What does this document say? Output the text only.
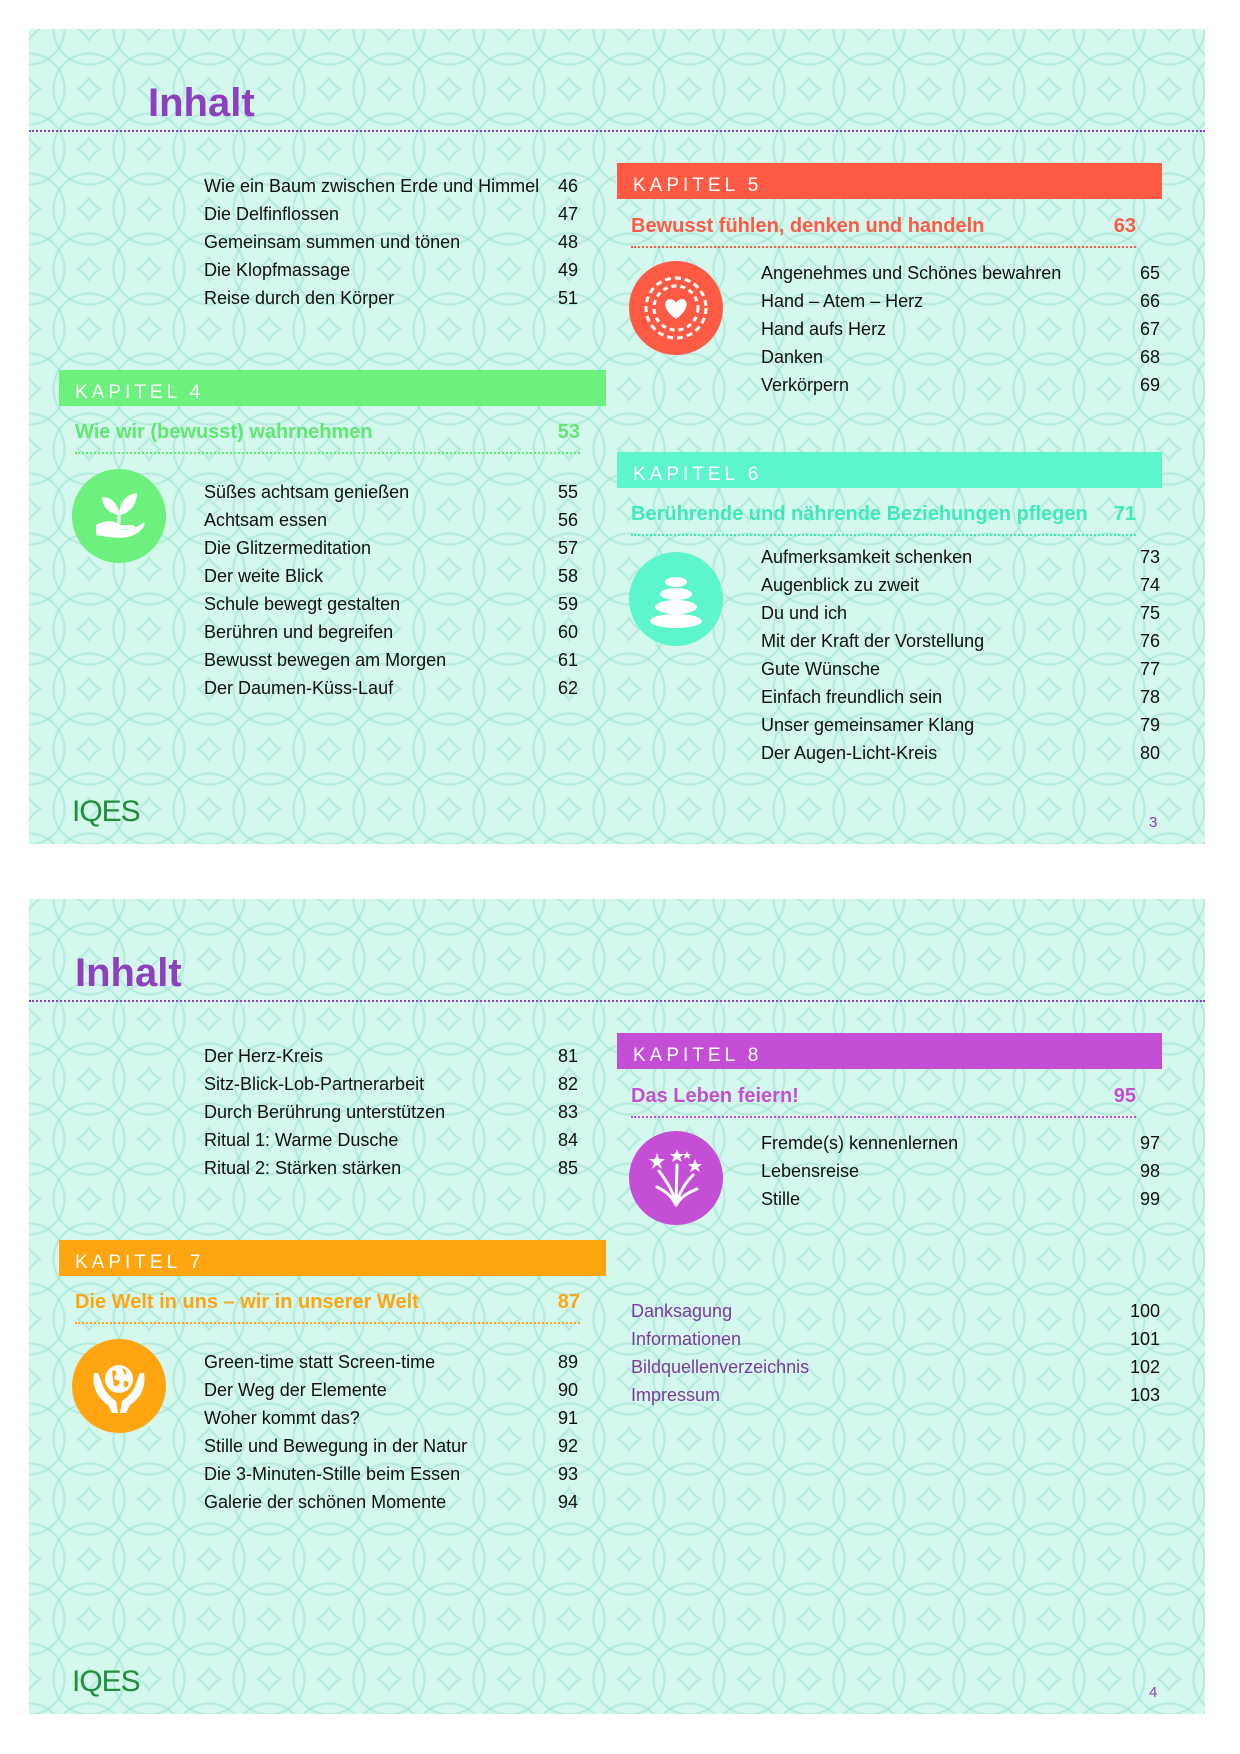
Inhalt
Wie ein Baum zwischen Erde und Himmel 46
Die Delfinflossen	47
Gemeinsam summen und tönen	48
Die Klopfmassage	49
Reise durch den Körper	51
KAPITEL 4
Wie wir (bewusst) wahrnehmen	53
Süßes achtsam genießen	55
Achtsam essen	56
Die Glitzermeditation	57
Der weite Blick	58
Schule bewegt gestalten	59
Berühren und begreifen	60
Bewusst bewegen am Morgen	61
Der Daumen-Küss-Lauf	62
KAPITEL 5
Bewusst fühlen, denken und handeln	63
Angenehmes und Schönes bewahren	65
Hand – Atem – Herz	66
Hand aufs Herz	67
Danken	68
Verkörpern	69
KAPITEL 6
Berührende und nährende Beziehungen pflegen 71
Aufmerksamkeit schenken	73
Augenblick zu zweit	74
Du und ich	75
Mit der Kraft der Vorstellung	76
Gute Wünsche	77
Einfach freundlich sein	78
Unser gemeinsamer Klang	79
Der Augen-Licht-Kreis	80
IQES	3
Inhalt
Der Herz-Kreis	81
Sitz-Blick-Lob-Partnerarbeit	82
Durch Berührung unterstützen	83
Ritual 1: Warme Dusche	84
Ritual 2: Stärken stärken	85
KAPITEL 7
Die Welt in uns – wir in unserer Welt	87
Green-time statt Screen-time	89
Der Weg der Elemente	90
Woher kommt das?	91
Stille und Bewegung in der Natur	92
Die 3-Minuten-Stille beim Essen	93
Galerie der schönen Momente	94
KAPITEL 8
Das Leben feiern!	95
Fremde(s) kennenlernen	97
Lebensreise	98
Stille	99
Danksagung	100
Informationen	101
Bildquellenverzeichnis	102
Impressum	103
IQES	4
